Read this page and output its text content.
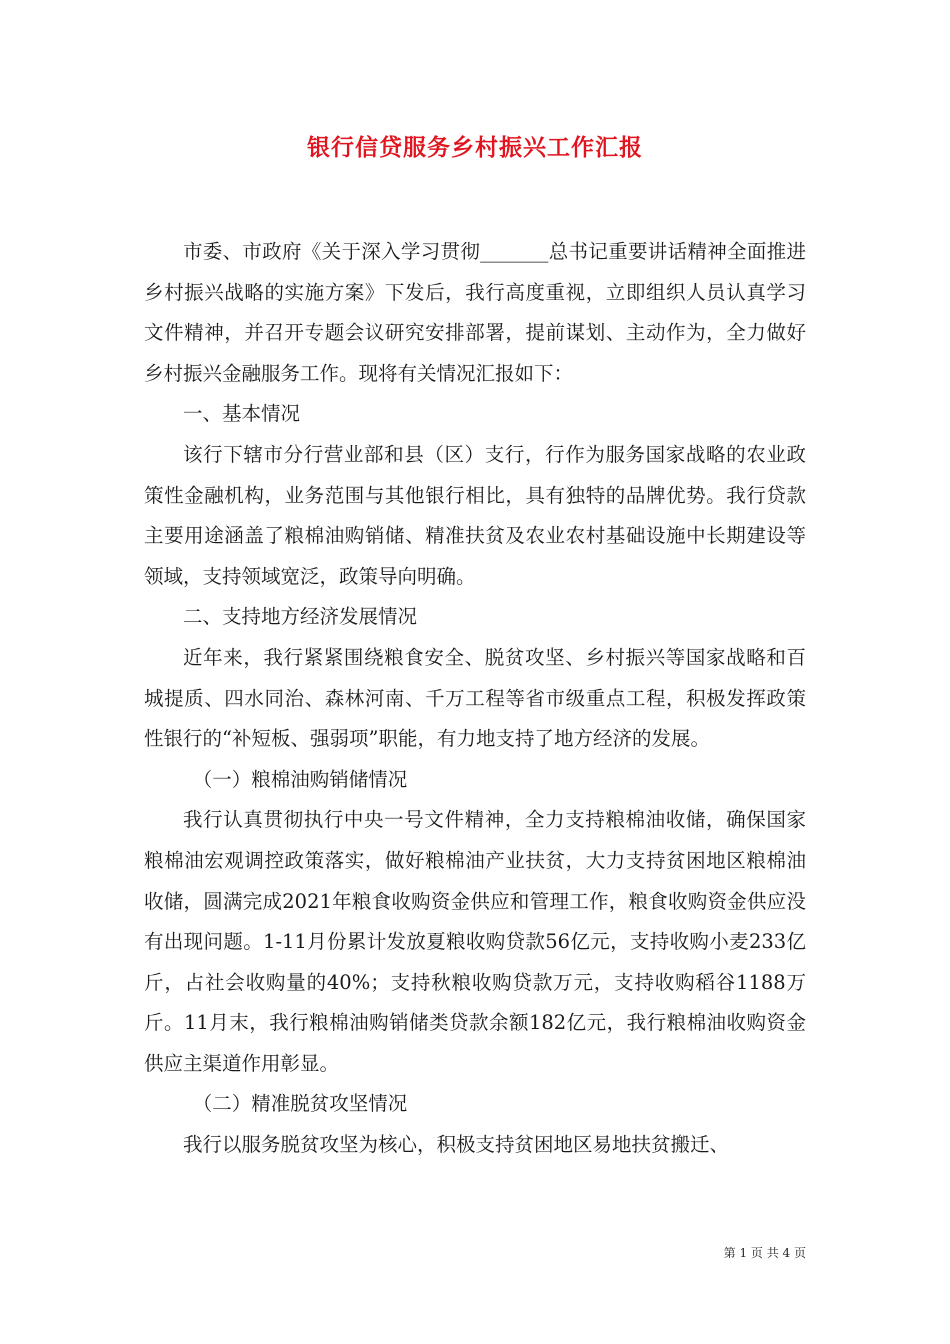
银行信贷服务乡村振兴工作汇报

市委、市政府《关于深入学习贯彻_______总书记重要讲话精神全面推进乡村振兴战略的实施方案》下发后，我行高度重视，立即组织人员认真学习文件精神，并召开专题会议研究安排部署，提前谋划、主动作为，全力做好乡村振兴金融服务工作。现将有关情况汇报如下：

一、基本情况

该行下辖市分行营业部和县（区）支行，行作为服务国家战略的农业政策性金融机构，业务范围与其他银行相比，具有独特的品牌优势。我行贷款主要用途涵盖了粮棉油购销储、精准扶贫及农业农村基础设施中长期建设等领域，支持领域宽泛，政策导向明确。

二、支持地方经济发展情况

近年来，我行紧紧围绕粮食安全、脱贫攻坚、乡村振兴等国家战略和百城提质、四水同治、森林河南、千万工程等省市级重点工程，积极发挥政策性银行的“补短板、强弱项”职能，有力地支持了地方经济的发展。

（一）粮棉油购销储情况

我行认真贯彻执行中央一号文件精神，全力支持粮棉油收储，确保国家粮棉油宏观调控政策落实，做好粮棉油产业扶贫，大力支持贫困地区粮棉油收储，圆满完成2021年粮食收购资金供应和管理工作，粮食收购资金供应没有出现问题。1-11月份累计发放夏粮收购贷款56亿元，支持收购小麦233亿斤，占社会收购量的40%；支持秋粮收购贷款万元，支持收购稻谷1188万斤。11月末，我行粮棉油购销储类贷款余额182亿元，我行粮棉油收购资金供应主渠道作用彰显。

（二）精准脱贫攻坚情况

我行以服务脱贫攻坚为核心，积极支持贫困地区易地扶贫搬迁、

第 1 页 共 4 页
